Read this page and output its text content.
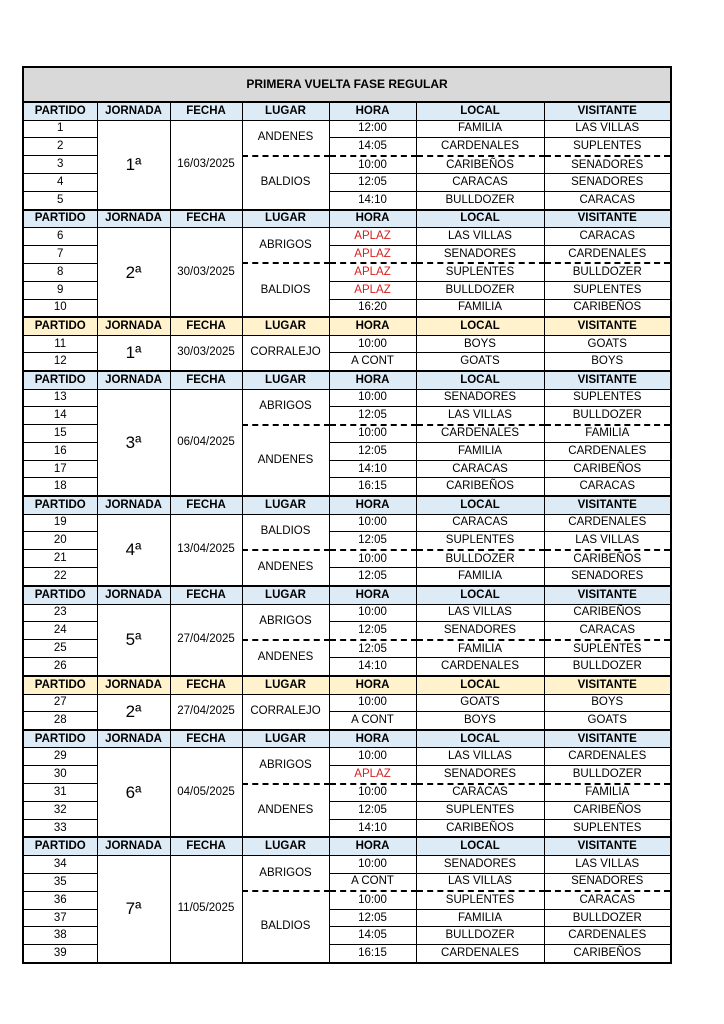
PRIMERA VUELTA FASE REGULAR						
PARTIDO	JORNADA	FECHA	LUGAR	HORA	LOCAL	VISITANTE
1	1ª	16/03/2025	ANDENES	12:00	FAMILIA	LAS VILLAS
2				14:05	CARDENALES	SUPLENTES
3			BALDIOS	10:00	CARIBEÑOS	SENADORES
4				12:05	CARACAS	SENADORES
5				14:10	BULLDOZER	CARACAS
PARTIDO	JORNADA	FECHA	LUGAR	HORA	LOCAL	VISITANTE
6	2ª	30/03/2025	ABRIGOS	APLAZ	LAS VILLAS	CARACAS
7				APLAZ	SENADORES	CARDENALES
8			BALDIOS	APLAZ	SUPLENTES	BULLDOZER
9				APLAZ	BULLDOZER	SUPLENTES
10				16:20	FAMILIA	CARIBEÑOS
PARTIDO	JORNADA	FECHA	LUGAR	HORA	LOCAL	VISITANTE
11	1ª	30/03/2025	CORRALEJO	10:00	BOYS	GOATS
12				A CONT	GOATS	BOYS
PARTIDO	JORNADA	FECHA	LUGAR	HORA	LOCAL	VISITANTE
13	3ª	06/04/2025	ABRIGOS	10:00	SENADORES	SUPLENTES
14				12:05	LAS VILLAS	BULLDOZER
15			ANDENES	10:00	CARDENALES	FAMILIA
16				12:05	FAMILIA	CARDENALES
17				14:10	CARACAS	CARIBEÑOS
18				16:15	CARIBEÑOS	CARACAS
PARTIDO	JORNADA	FECHA	LUGAR	HORA	LOCAL	VISITANTE
19	4ª	13/04/2025	BALDIOS	10:00	CARACAS	CARDENALES
20				12:05	SUPLENTES	LAS VILLAS
21			ANDENES	10:00	BULLDOZER	CARIBEÑOS
22				12:05	FAMILIA	SENADORES
PARTIDO	JORNADA	FECHA	LUGAR	HORA	LOCAL	VISITANTE
23	5ª	27/04/2025	ABRIGOS	10:00	LAS VILLAS	CARIBEÑOS
24				12:05	SENADORES	CARACAS
25			ANDENES	12:05	FAMILIA	SUPLENTES
26				14:10	CARDENALES	BULLDOZER
PARTIDO	JORNADA	FECHA	LUGAR	HORA	LOCAL	VISITANTE
27	2ª	27/04/2025	CORRALEJO	10:00	GOATS	BOYS
28				A CONT	BOYS	GOATS
PARTIDO	JORNADA	FECHA	LUGAR	HORA	LOCAL	VISITANTE
29	6ª	04/05/2025	ABRIGOS	10:00	LAS VILLAS	CARDENALES
30				APLAZ	SENADORES	BULLDOZER
31			ANDENES	10:00	CARACAS	FAMILIA
32				12:05	SUPLENTES	CARIBEÑOS
33				14:10	CARIBEÑOS	SUPLENTES
PARTIDO	JORNADA	FECHA	LUGAR	HORA	LOCAL	VISITANTE
34	7ª	11/05/2025	ABRIGOS	10:00	SENADORES	LAS VILLAS
35				A CONT	LAS VILLAS	SENADORES
36			BALDIOS	10:00	SUPLENTES	CARACAS
37				12:05	FAMILIA	BULLDOZER
38				14:05	BULLDOZER	CARDENALES
39				16:15	CARDENALES	CARIBEÑOS
